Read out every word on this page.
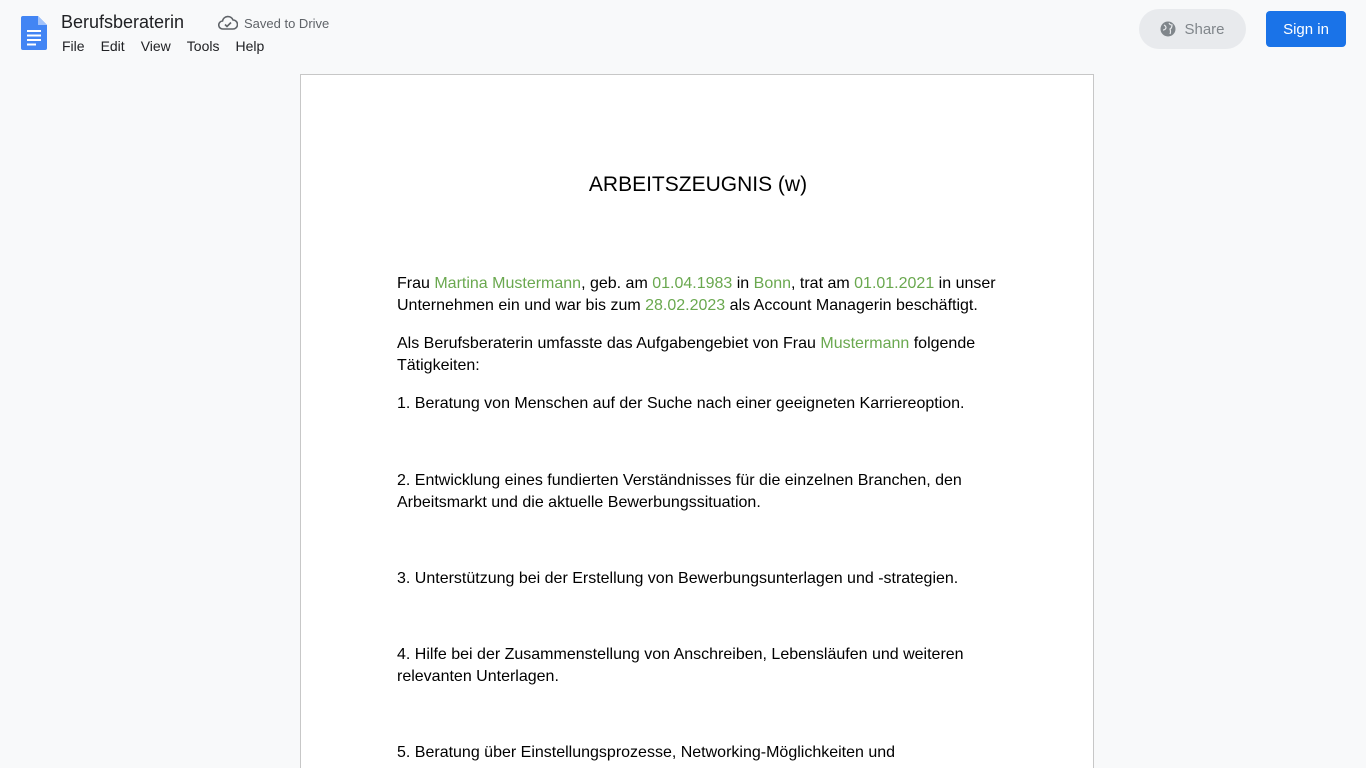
Berufsberaterin	Saved to Drive
File	Edit	View	Tools	Help
Share	Sign in
ARBEITSZEUGNIS (w)

Frau Martina Mustermann, geb. am 01.04.1983 in Bonn, trat am 01.01.2021 in unser Unternehmen ein und war bis zum 28.02.2023 als Account Managerin beschäftigt.

Als Berufsberaterin umfasste das Aufgabengebiet von Frau Mustermann folgende Tätigkeiten:

1. Beratung von Menschen auf der Suche nach einer geeigneten Karriereoption.

2. Entwicklung eines fundierten Verständnisses für die einzelnen Branchen, den Arbeitsmarkt und die aktuelle Bewerbungssituation.

3. Unterstützung bei der Erstellung von Bewerbungsunterlagen und -strategien.

4. Hilfe bei der Zusammenstellung von Anschreiben, Lebensläufen und weiteren relevanten Unterlagen.

5. Beratung über Einstellungsprozesse, Networking-Möglichkeiten und
